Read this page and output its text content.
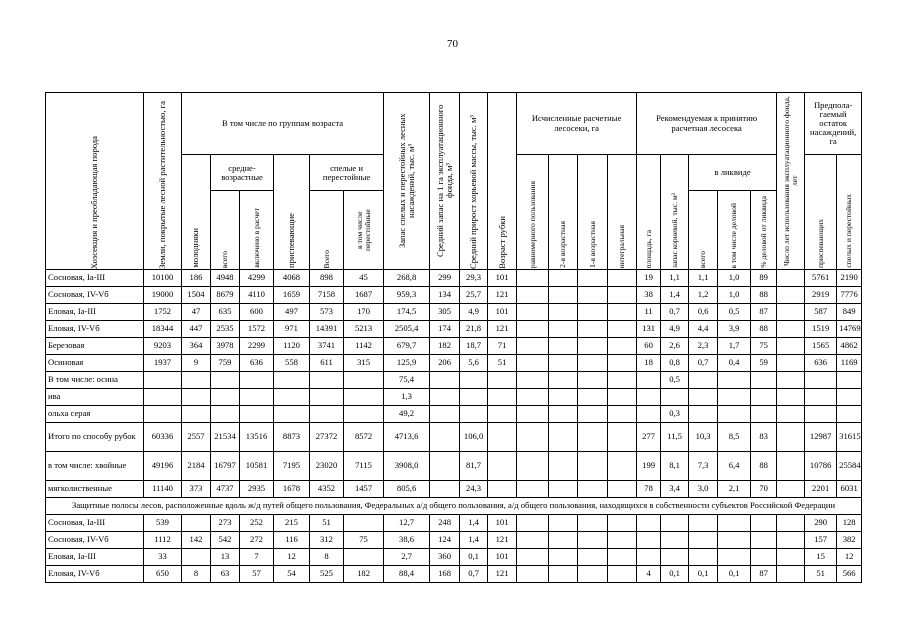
70
Хозсекция и преобладающая порода	Земли, покрытые лесной растительностью, га	В том числе по группам возраста						Запас спелых и перестойных лесных насаждений, тыс. м³	Средний запас на 1 га эксплуатационного фонда, м³	Средний прирост хорьевой массы, тыс. м³	Возраст рубки	Исчисленные расчетные лесосеки, га				Рекомендуемая к принятию расчетная лесосека					Число лет использования эксплуатационного фонда, лет	Предпола-гаемый остаток насаждений, га	

		молодняки	средне-возрастные		приспевающие	спелые и перестойные						равномерного пользования	2-я возрастная	1-я возрастная	интегральная	площадь, га	запас корневой, тыс. м³	в ликвиде				приспевающих	спелых и перестойных

			всего	включено в расчет		Всего	в том числе перестойные											всего	в том числе деловой	% деловой от ликвида			

Сосновая, Iа-III	10100	186	4948	4299	4068	898	45	268,8	299	29,3	101					19	1,1	1,1	1,0	89		5761	2190
Сосновая, IV-Vб	19000	1504	8679	4110	1659	7158	1687	959,3	134	25,7	121					38	1,4	1,2	1,0	88		2919	7776
Еловая, Iа-III	1752	47	635	600	497	573	170	174,5	305	4,9	101					11	0,7	0,6	0,5	87		587	849
Еловая, IV-Vб	18344	447	2535	1572	971	14391	5213	2505,4	174	21,8	121					131	4,9	4,4	3,9	88		1519	14769
Березовая	9203	364	3978	2299	1120	3741	1142	679,7	182	18,7	71					60	2,6	2,3	1,7	75		1565	4862
Осиновая	1937	9	759	636	558	611	315	125,9	206	5,6	51					18	0,8	0,7	0,4	59		636	1169
В том числе: осина								75,4									0,5						
ива								1,3															
ольха серая								49,2									0,3						
Итого по способу рубок	60336	2557	21534	13516	8873	27372	8572	4713,6		106,0						277	11,5	10,3	8,5	83		12987	31615
в том числе: хвойные	49196	2184	16797	10581	7195	23020	7115	3908,0		81,7						199	8,1	7,3	6,4	88		10786	25584
мягколиственные	11140	373	4737	2935	1678	4352	1457	805,6		24,3						78	3,4	3,0	2,1	70		2201	6031
Защитные полосы лесов, расположенные вдоль ж/д путей общего пользования, Федеральных а/д общего пользования, а/д общего пользования, находящихся в собственности субъектов Российской Федерации																							
Сосновая, Iа-III	539		273	252	215	51		12,7	248	1,4	101											290	128
Сосновая, IV-Vб	1112	142	542	272	116	312	75	38,6	124	1,4	121											157	382
Еловая, Iа-III	33		13	7	12	8		2,7	360	0,1	101											15	12
Еловая, IV-Vб	650	8	63	57	54	525	182	88,4	168	0,7	121					4	0,1	0,1	0,1	87		51	566
